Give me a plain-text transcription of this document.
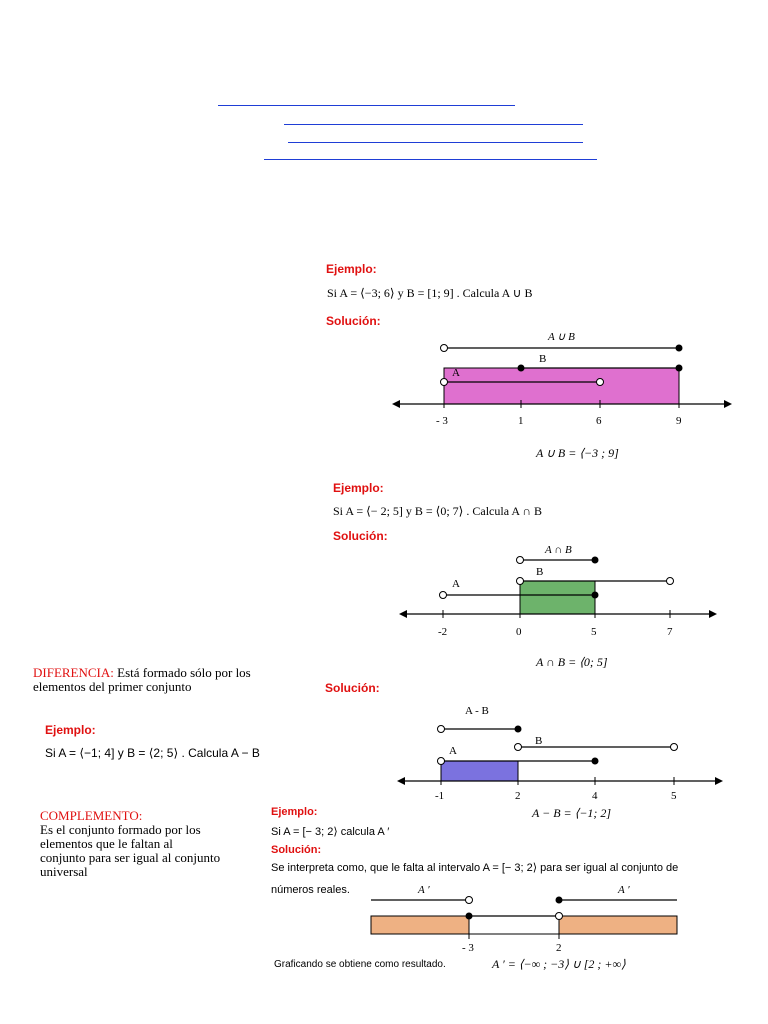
Ejemplo:
Si A = ⟨−3; 6⟩ y B = [1; 9] . Calcula A ∪ B
Solución:
A ∪ B
B
A
- 3	1	6	9
A ∪ B = ⟨−3 ; 9]
Ejemplo:
Si A = ⟨− 2; 5] y B = ⟨0; 7⟩ . Calcula A ∩ B
Solución:
A ∩ B
B
A
-2	0	5	7
A ∩ B = ⟨0; 5]
DIFERENCIA: Está formado sólo por los
elementos del primer conjunto
Ejemplo:
Si A = ⟨−1; 4] y B = ⟨2; 5⟩ . Calcula A − B
Solución:
A - B
B
A
-1	2	4	5
A − B = ⟨−1; 2]
COMPLEMENTO:
Es el conjunto formado por los
elementos que le faltan al
conjunto para ser igual al conjunto
universal
Ejemplo:
Si A = [− 3; 2⟩ calcula A ′
Solución:
Se interpreta como, que le falta al intervalo A = [− 3; 2⟩ para ser igual al conjunto de
números reales.	A ′	A ′
- 3	2
Graficando se obtiene como resultado.	A ′ = ⟨−∞ ; −3⟩ ∪ [2 ; +∞⟩
